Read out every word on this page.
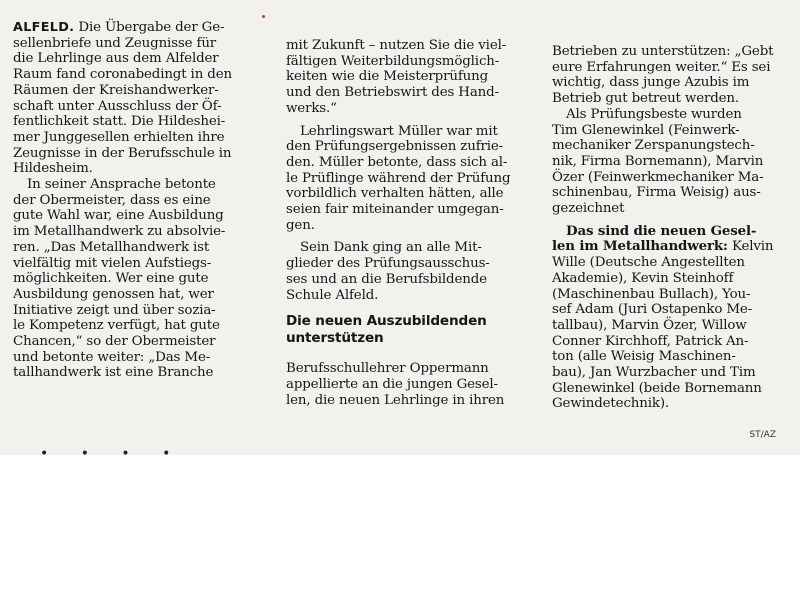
ALFELD. Die Übergabe der Ge-
sellenbriefe und Zeugnisse für
die Lehrlinge aus dem Alfelder
Raum fand coronabedingt in den
Räumen der Kreishandwerker-
schaft unter Ausschluss der Öf-
fentlichkeit statt. Die Hildeshei-
mer Junggesellen erhielten ihre
Zeugnisse in der Berufsschule in
Hildesheim.
In seiner Ansprache betonte
der Obermeister, dass es eine
gute Wahl war, eine Ausbildung
im Metallhandwerk zu absolvie-
ren. „Das Metallhandwerk ist
vielfältig mit vielen Aufstiegs-
möglichkeiten. Wer eine gute
Ausbildung genossen hat, wer
Initiative zeigt und über sozia-
le Kompetenz verfügt, hat gute
Chancen,“ so der Obermeister
und betonte weiter: „Das Me-
tallhandwerk ist eine Branche
mit Zukunft – nutzen Sie die viel-
fältigen Weiterbildungsmöglich-
keiten wie die Meisterprüfung
und den Betriebswirt des Hand-
werks.“
Lehrlingswart Müller war mit
den Prüfungsergebnissen zufrie-
den. Müller betonte, dass sich al-
le Prüflinge während der Prüfung
vorbildlich verhalten hätten, alle
seien fair miteinander umgegan-
gen.
Sein Dank ging an alle Mit-
glieder des Prüfungsausschus-
ses und an die Berufsbildende
Schule Alfeld.
Die neuen Auszubildenden
unterstützen
Berufsschullehrer Oppermann
appellierte an die jungen Gesel-
len, die neuen Lehrlinge in ihren
Betrieben zu unterstützen: „Gebt
eure Erfahrungen weiter.“ Es sei
wichtig, dass junge Azubis im
Betrieb gut betreut werden.
Als Prüfungsbeste wurden
Tim Glenewinkel (Feinwerk-
mechaniker Zerspanungstech-
nik, Firma Bornemann), Marvin
Özer (Feinwerkmechaniker Ma-
schinenbau, Firma Weisig) aus-
gezeichnet
Das sind die neuen Gesel-
len im Metallhandwerk: Kelvin
Wille (Deutsche Angestellten
Akademie), Kevin Steinhoff
(Maschinenbau Bullach), You-
sef Adam (Juri Ostapenko Me-
tallbau), Marvin Özer, Willow
Conner Kirchhoff, Patrick An-
ton (alle Weisig Maschinen-
bau), Jan Wurzbacher und Tim
Glenewinkel (beide Bornemann
Gewindetechnik).
ST/AZ
• • • •
